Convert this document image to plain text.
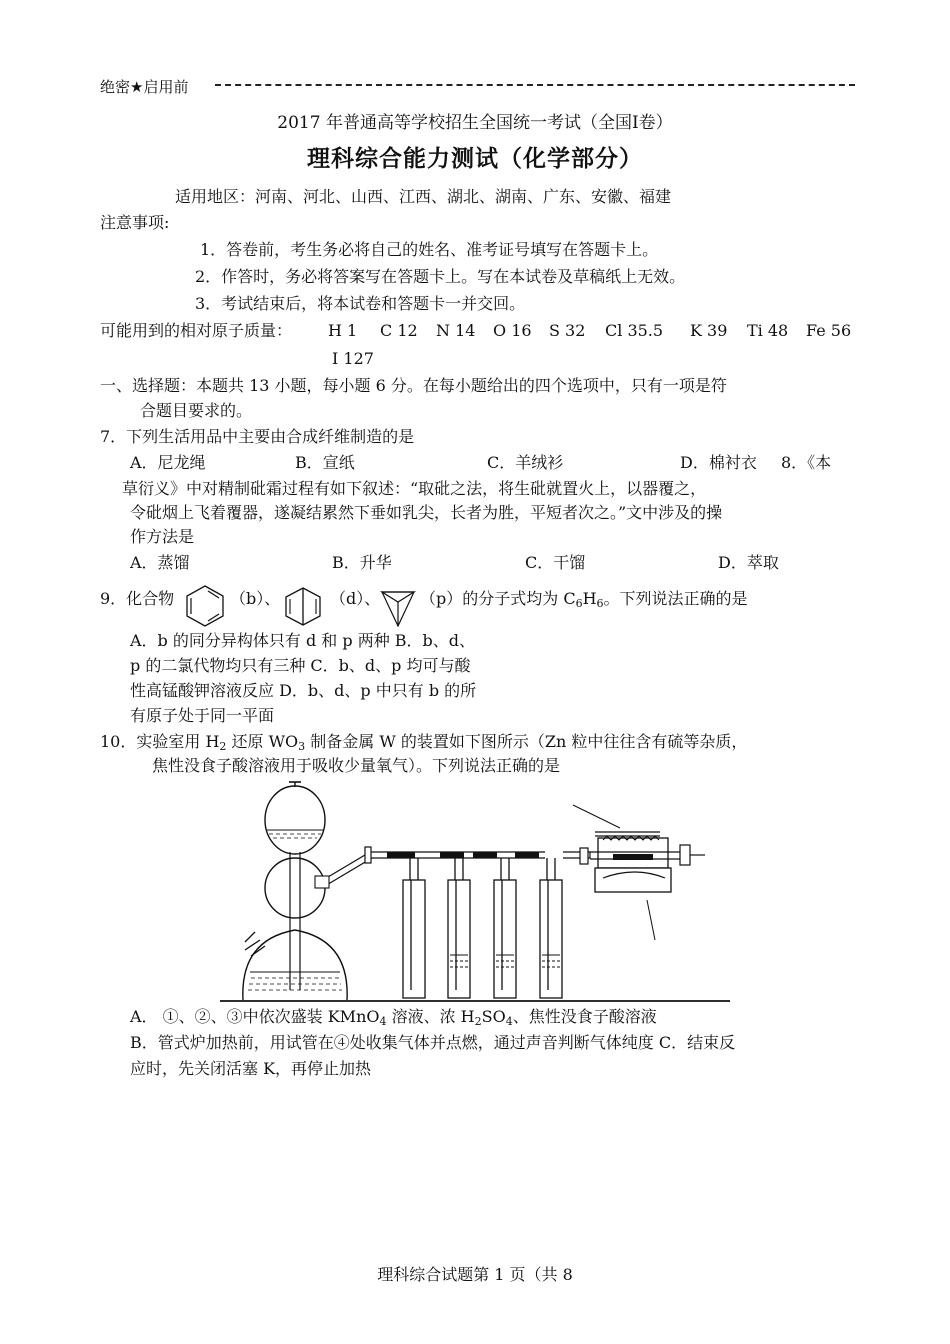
绝密★启用前
2017 年普通高等学校招生全国统一考试（全国Ⅰ卷）
理科综合能力测试（化学部分）
适用地区：河南、河北、山西、江西、湖北、湖南、广东、安徽、福建
注意事项:
1．答卷前，考生务必将自己的姓名、准考证号填写在答题卡上。
2．作答时，务必将答案写在答题卡上。写在本试卷及草稿纸上无效。
3．考试结束后，将本试卷和答题卡一并交回。
可能用到的相对原子质量： H 1 C 12 N 14 O 16 S 32 Cl 35.5 K 39 Ti 48 Fe 56
I 127
一、选择题：本题共 13 小题，每小题 6 分。在每小题给出的四个选项中，只有一项是符
合题目要求的。
7．下列生活用品中主要由合成纤维制造的是
A．尼龙绳	B．宣纸	C．羊绒衫	D．棉衬衣 8．《本
草衍义》中对精制砒霜过程有如下叙述：“取砒之法，将生砒就置火上，以器覆之，
令砒烟上飞着覆器，遂凝结累然下垂如乳尖，长者为胜，平短者次之。”文中涉及的操
作方法是
A．蒸馏	B．升华	C．干馏	D．萃取
9．化合物	（b）、	（d）、 （p）的分子式均为 $C_6H_6$。下列说法正确的是
A．b 的同分异构体只有 d 和 p 两种 B．b、d、
p 的二氯代物均只有三种 C．b、d、p 均可与酸
性高锰酸钾溶液反应 D．b、d、p 中只有 b 的所
有原子处于同一平面
10．实验室用 $H_2$ 还原 $WO_3$ 制备金属 W 的装置如下图所示（Zn 粒中往往含有硫等杂质，
焦性没食子酸溶液用于吸收少量氧气）。下列说法正确的是
A． ①、②、③中依次盛装 KMnO$_4$ 溶液、浓 $H_2SO_4$、焦性没食子酸溶液
B．管式炉加热前，用试管在④处收集气体并点燃，通过声音判断气体纯度 C．结束反
应时，先关闭活塞 K，再停止加热
理科综合试题第 1 页（共 8
